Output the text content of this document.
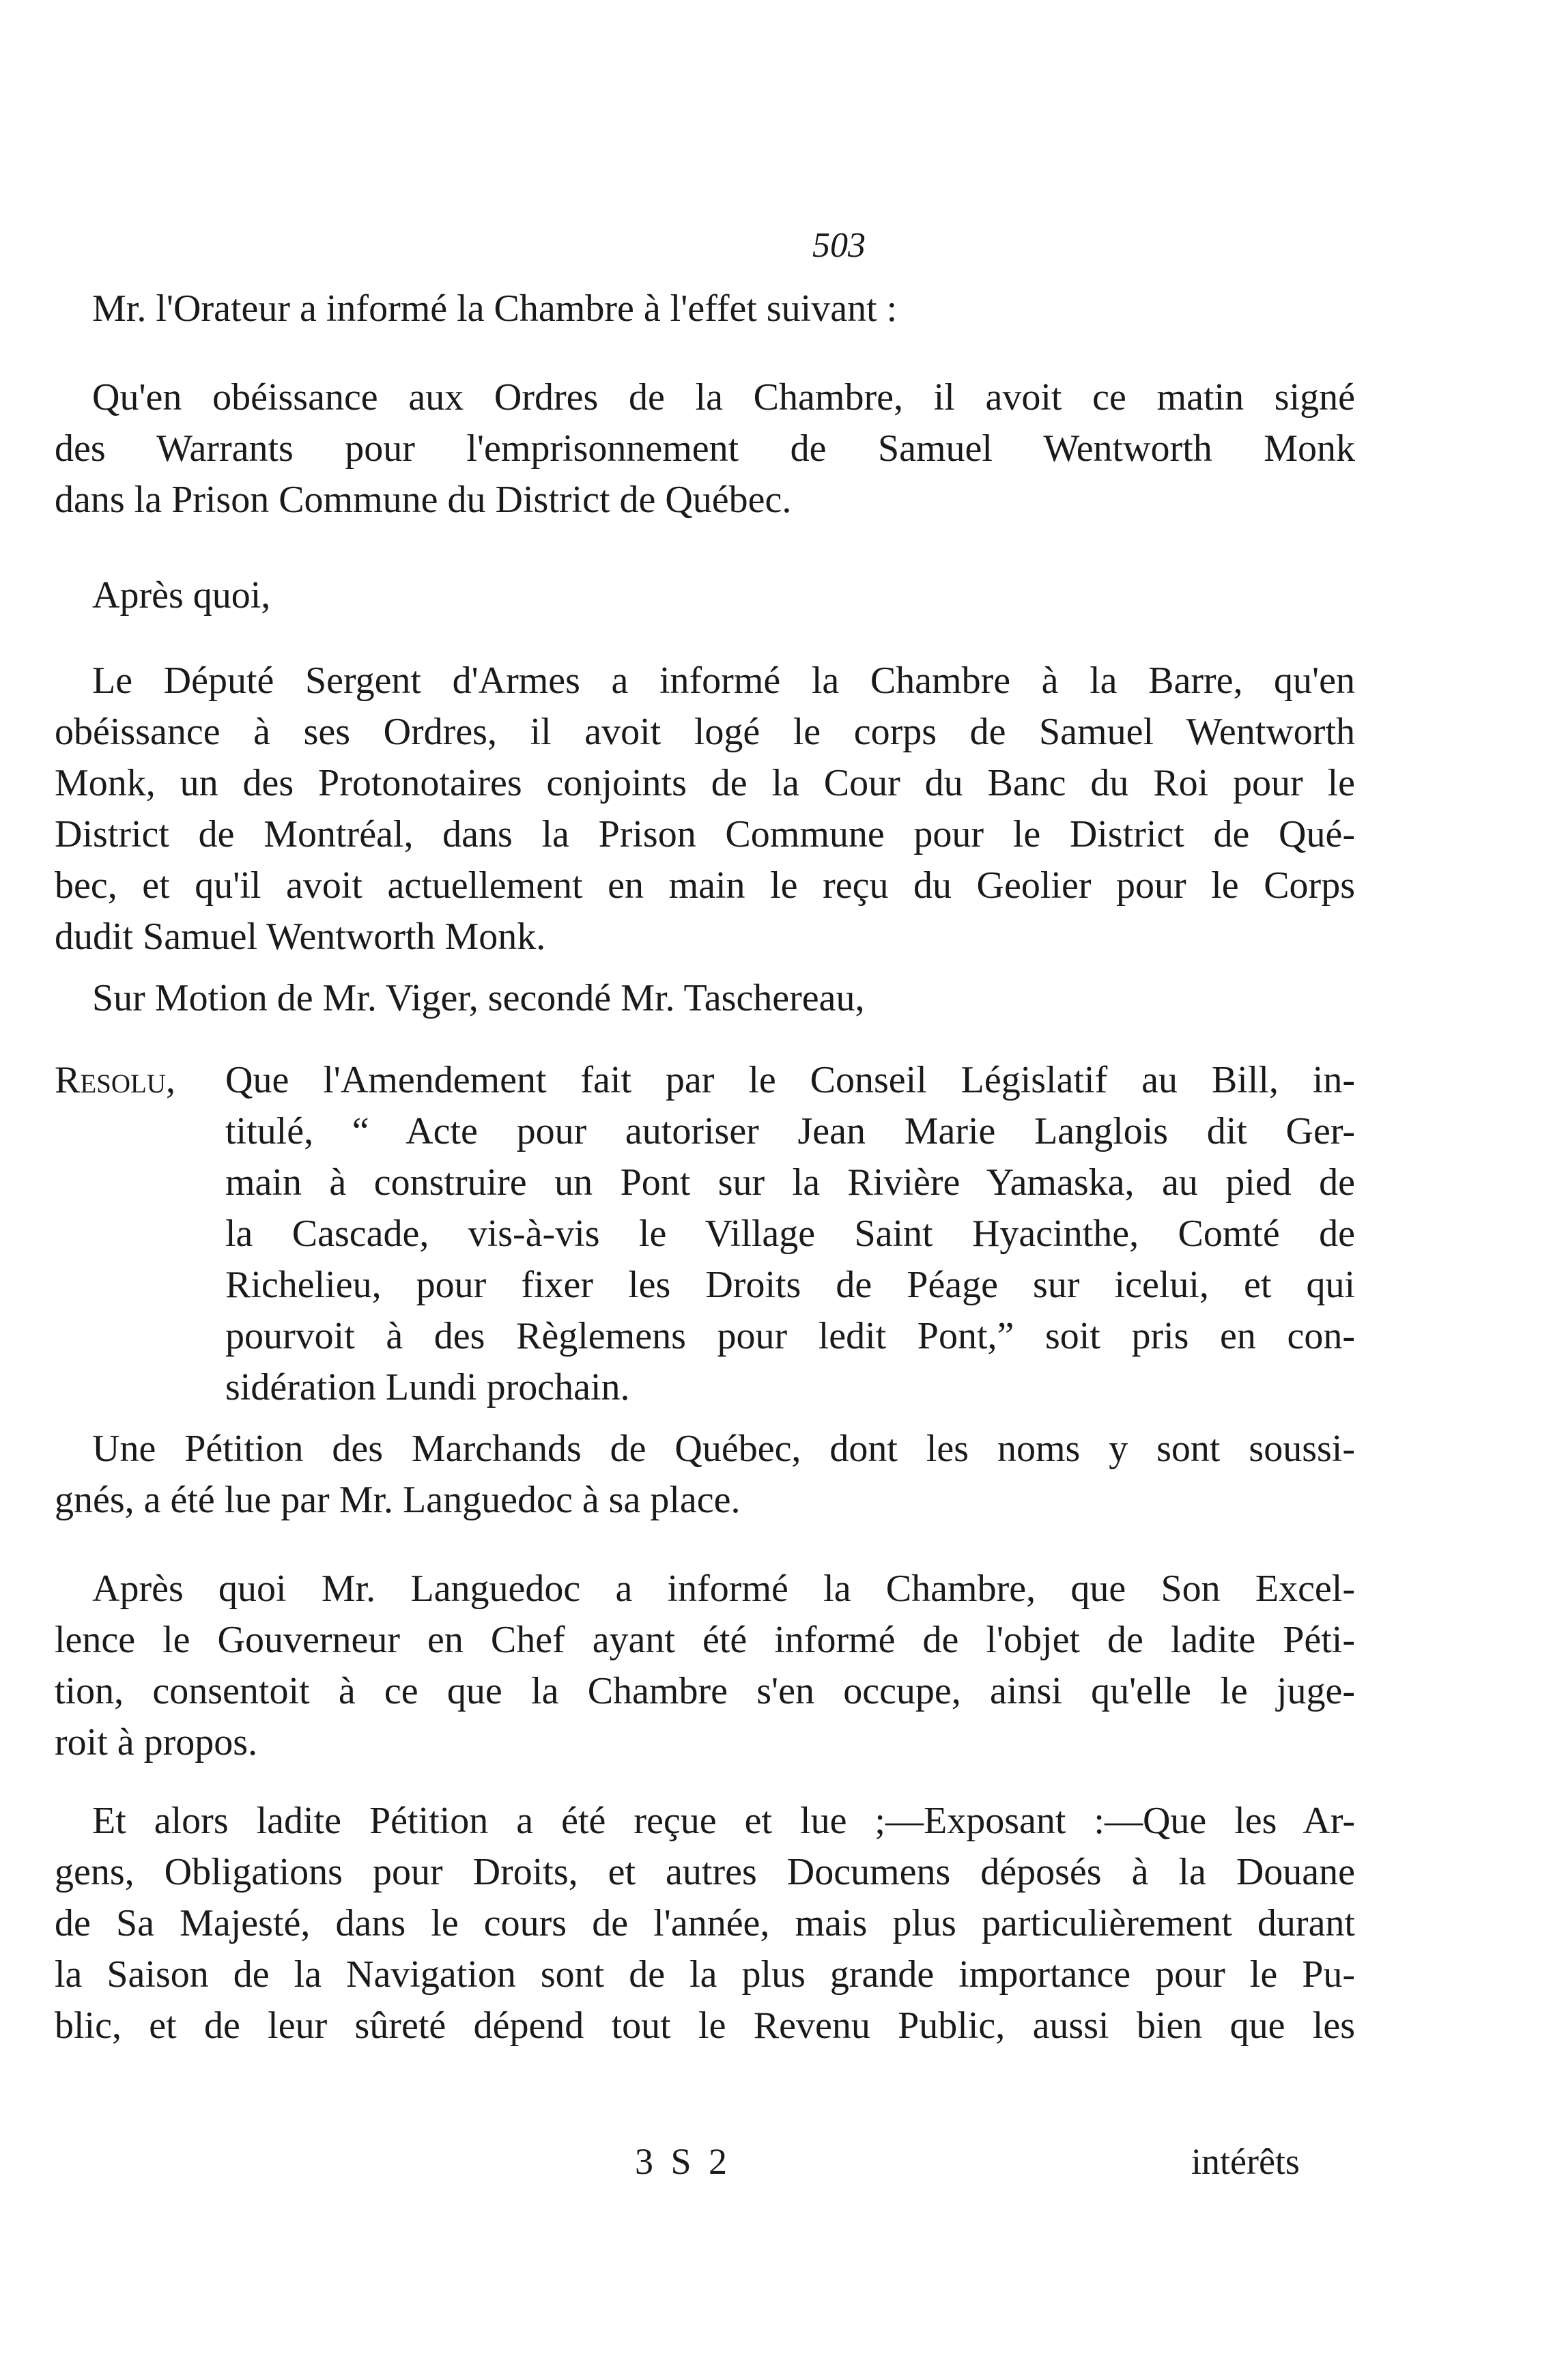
503
Mr. l'Orateur a informé la Chambre à l'effet suivant :
Qu'en obéissance aux Ordres de la Chambre, il avoit ce matin signé
des Warrants pour l'emprisonnement de Samuel Wentworth Monk
dans la Prison Commune du District de Québec.
Après quoi,
Le Député Sergent d'Armes a informé la Chambre à la Barre, qu'en
obéissance à ses Ordres, il avoit logé le corps de Samuel Wentworth
Monk, un des Protonotaires conjoints de la Cour du Banc du Roi pour le
District de Montréal, dans la Prison Commune pour le District de Qué-
bec, et qu'il avoit actuellement en main le reçu du Geolier pour le Corps
dudit Samuel Wentworth Monk.
Sur Motion de Mr. Viger, secondé Mr. Taschereau,
Resolu,	Que l'Amendement fait par le Conseil Législatif au Bill, in-
titulé, “ Acte pour autoriser Jean Marie Langlois dit Ger-
main à construire un Pont sur la Rivière Yamaska, au pied de
la Cascade, vis-à-vis le Village Saint Hyacinthe, Comté de
Richelieu, pour fixer les Droits de Péage sur icelui, et qui
pourvoit à des Règlemens pour ledit Pont,” soit pris en con-
sidération Lundi prochain.
Une Pétition des Marchands de Québec, dont les noms y sont soussi-
gnés, a été lue par Mr. Languedoc à sa place.
Après quoi Mr. Languedoc a informé la Chambre, que Son Excel-
lence le Gouverneur en Chef ayant été informé de l'objet de ladite Péti-
tion, consentoit à ce que la Chambre s'en occupe, ainsi qu'elle le juge-
roit à propos.
Et alors ladite Pétition a été reçue et lue ;—Exposant :—Que les Ar-
gens, Obligations pour Droits, et autres Documens déposés à la Douane
de Sa Majesté, dans le cours de l'année, mais plus particulièrement durant
la Saison de la Navigation sont de la plus grande importance pour le Pu-
blic, et de leur sûreté dépend tout le Revenu Public, aussi bien que les
3 S 2	intérêts
